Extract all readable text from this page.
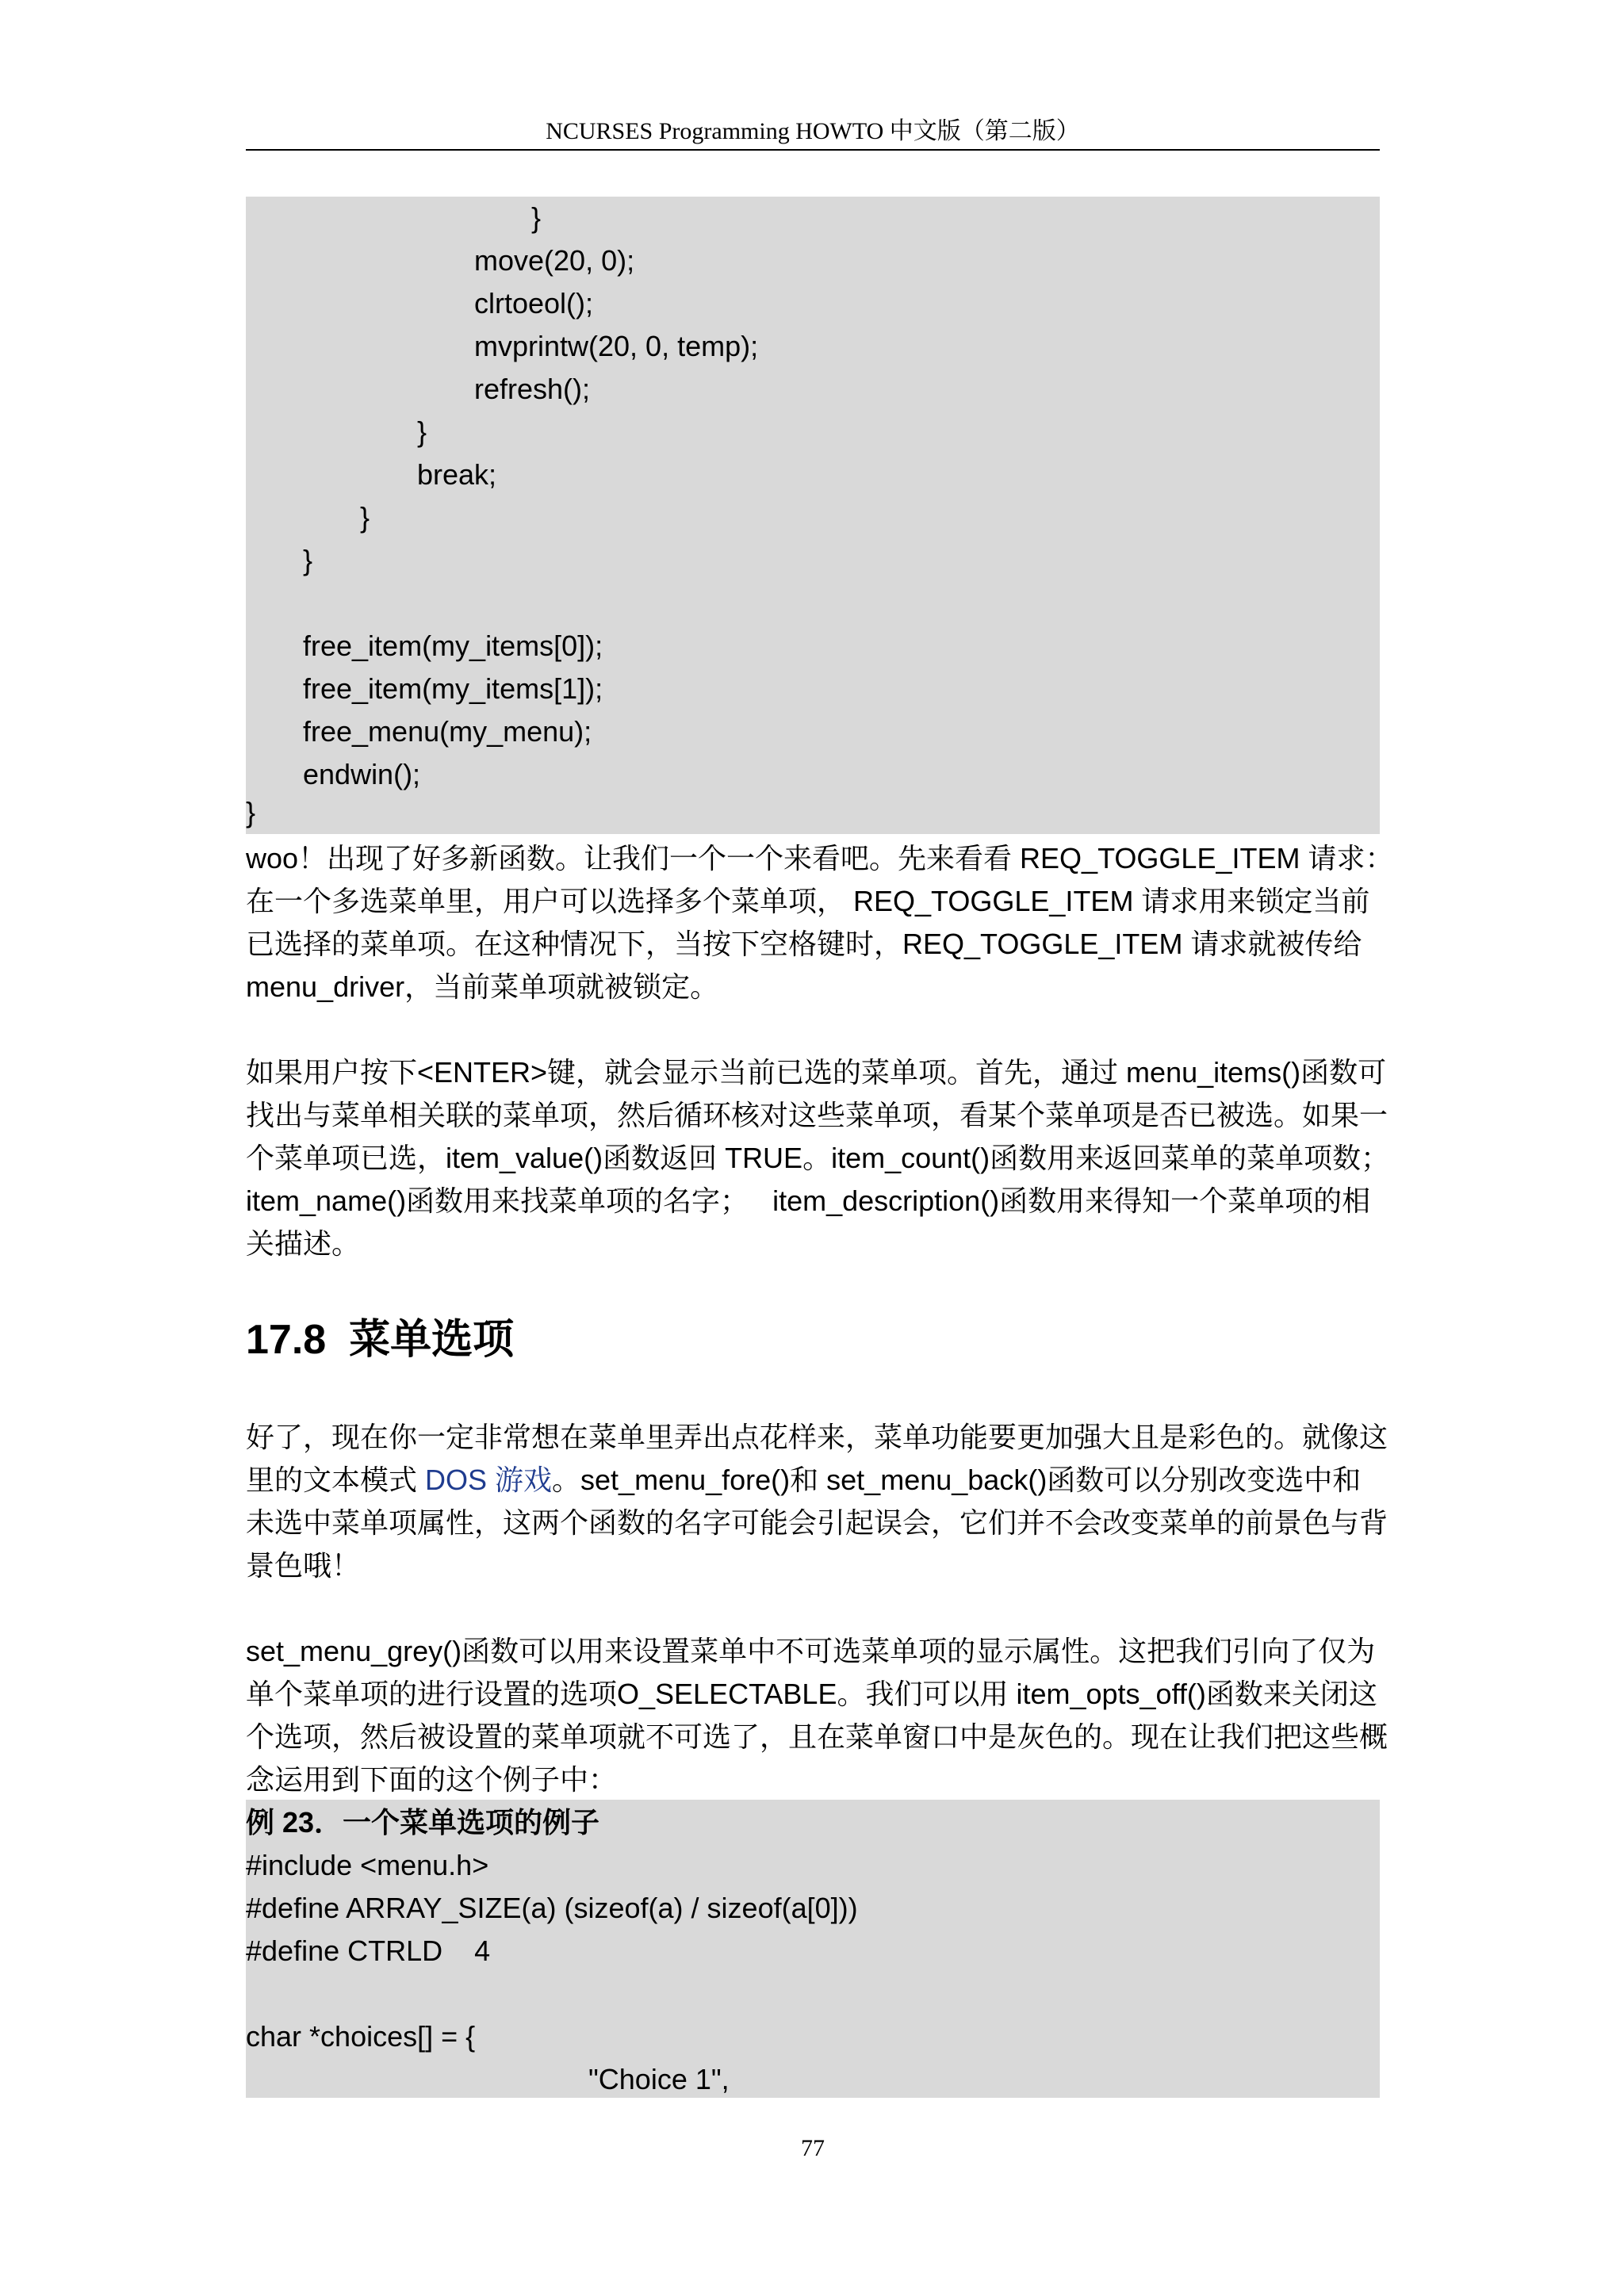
NCURSES Programming HOWTO 中文版（第二版）
}
move(20, 0);
clrtoeol();
mvprintw(20, 0, temp);
refresh();
}
break;
}
}
free_item(my_items[0]);
free_item(my_items[1]);
free_menu(my_menu);
endwin();
}
woo！出现了好多新函数。让我们一个一个来看吧。先来看看 REQ_TOGGLE_ITEM 请求：
在一个多选菜单里，用户可以选择多个菜单项， REQ_TOGGLE_ITEM 请求用来锁定当前
已选择的菜单项。在这种情况下，当按下空格键时，REQ_TOGGLE_ITEM 请求就被传给
menu_driver，当前菜单项就被锁定。
如果用户按下<ENTER>键，就会显示当前已选的菜单项。首先，通过 menu_items()函数可
找出与菜单相关联的菜单项，然后循环核对这些菜单项，看某个菜单项是否已被选。如果一
个菜单项已选，item_value()函数返回 TRUE。item_count()函数用来返回菜单的菜单项数；
item_name()函数用来找菜单项的名字；   item_description()函数用来得知一个菜单项的相
关描述。
17.8  菜单选项
好了，现在你一定非常想在菜单里弄出点花样来，菜单功能要更加强大且是彩色的。就像这
里的文本模式 DOS 游戏。set_menu_fore()和 set_menu_back()函数可以分别改变选中和
未选中菜单项属性，这两个函数的名字可能会引起误会，它们并不会改变菜单的前景色与背
景色哦！
set_menu_grey()函数可以用来设置菜单中不可选菜单项的显示属性。这把我们引向了仅为
单个菜单项的进行设置的选项O_SELECTABLE。我们可以用 item_opts_off()函数来关闭这
个选项，然后被设置的菜单项就不可选了，且在菜单窗口中是灰色的。现在让我们把这些概
念运用到下面的这个例子中：
例 23．一个菜单选项的例子
#include <menu.h>
#define ARRAY_SIZE(a) (sizeof(a) / sizeof(a[0]))
#define CTRLD    4
char *choices[] = {
"Choice 1",
77
